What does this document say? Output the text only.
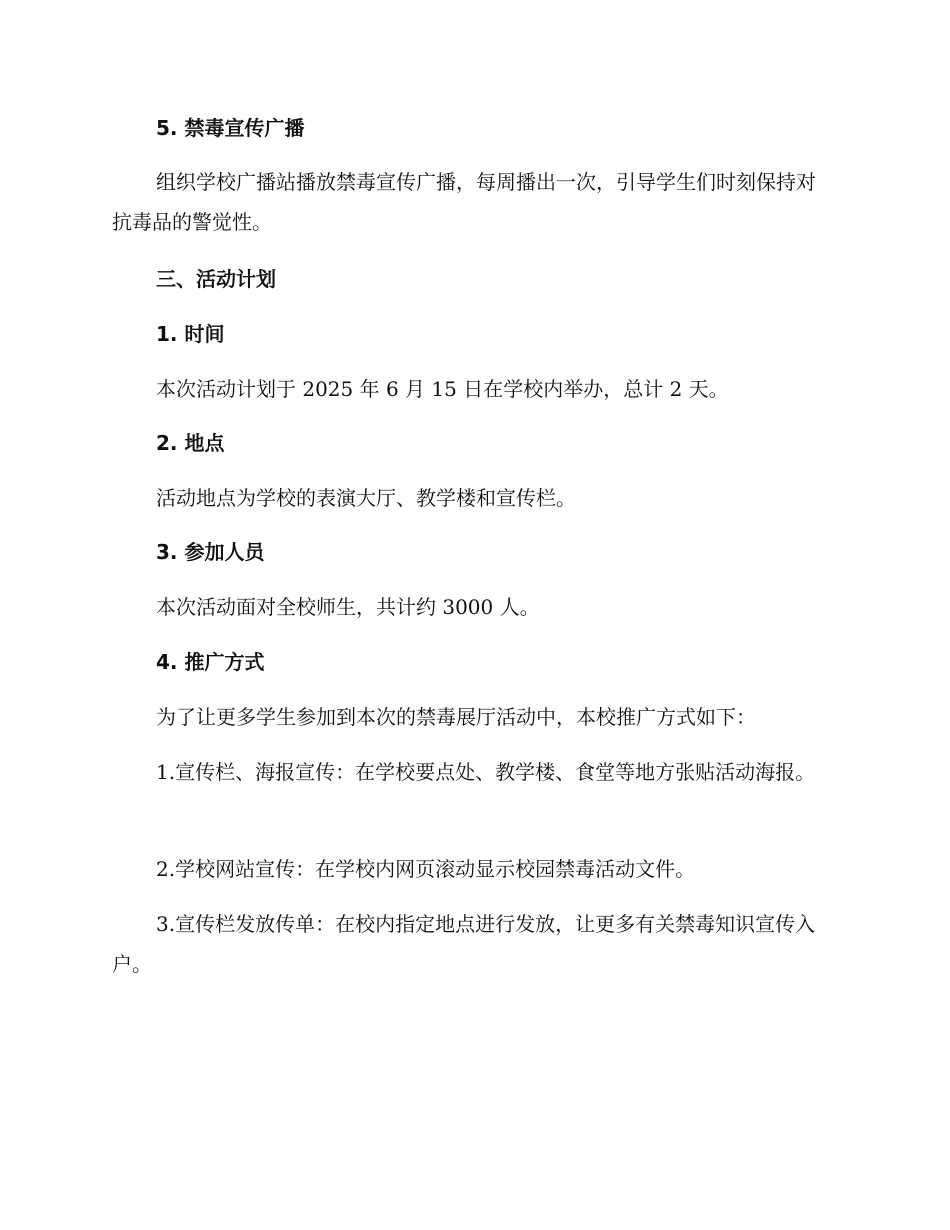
5. 禁毒宣传广播

组织学校广播站播放禁毒宣传广播，每周播出一次，引导学生们时刻保持对抗毒品的警觉性。

三、活动计划
1. 时间

本次活动计划于 2025 年 6 月 15 日在学校内举办，总计 2 天。

2. 地点

活动地点为学校的表演大厅、教学楼和宣传栏。

3. 参加人员

本次活动面对全校师生，共计约 3000 人。

4. 推广方式

为了让更多学生参加到本次的禁毒展厅活动中，本校推广方式如下：

1.宣传栏、海报宣传：在学校要点处、教学楼、食堂等地方张贴活动海报。

2.学校网站宣传：在学校内网页滚动显示校园禁毒活动文件。

3.宣传栏发放传单：在校内指定地点进行发放，让更多有关禁毒知识宣传入户。
